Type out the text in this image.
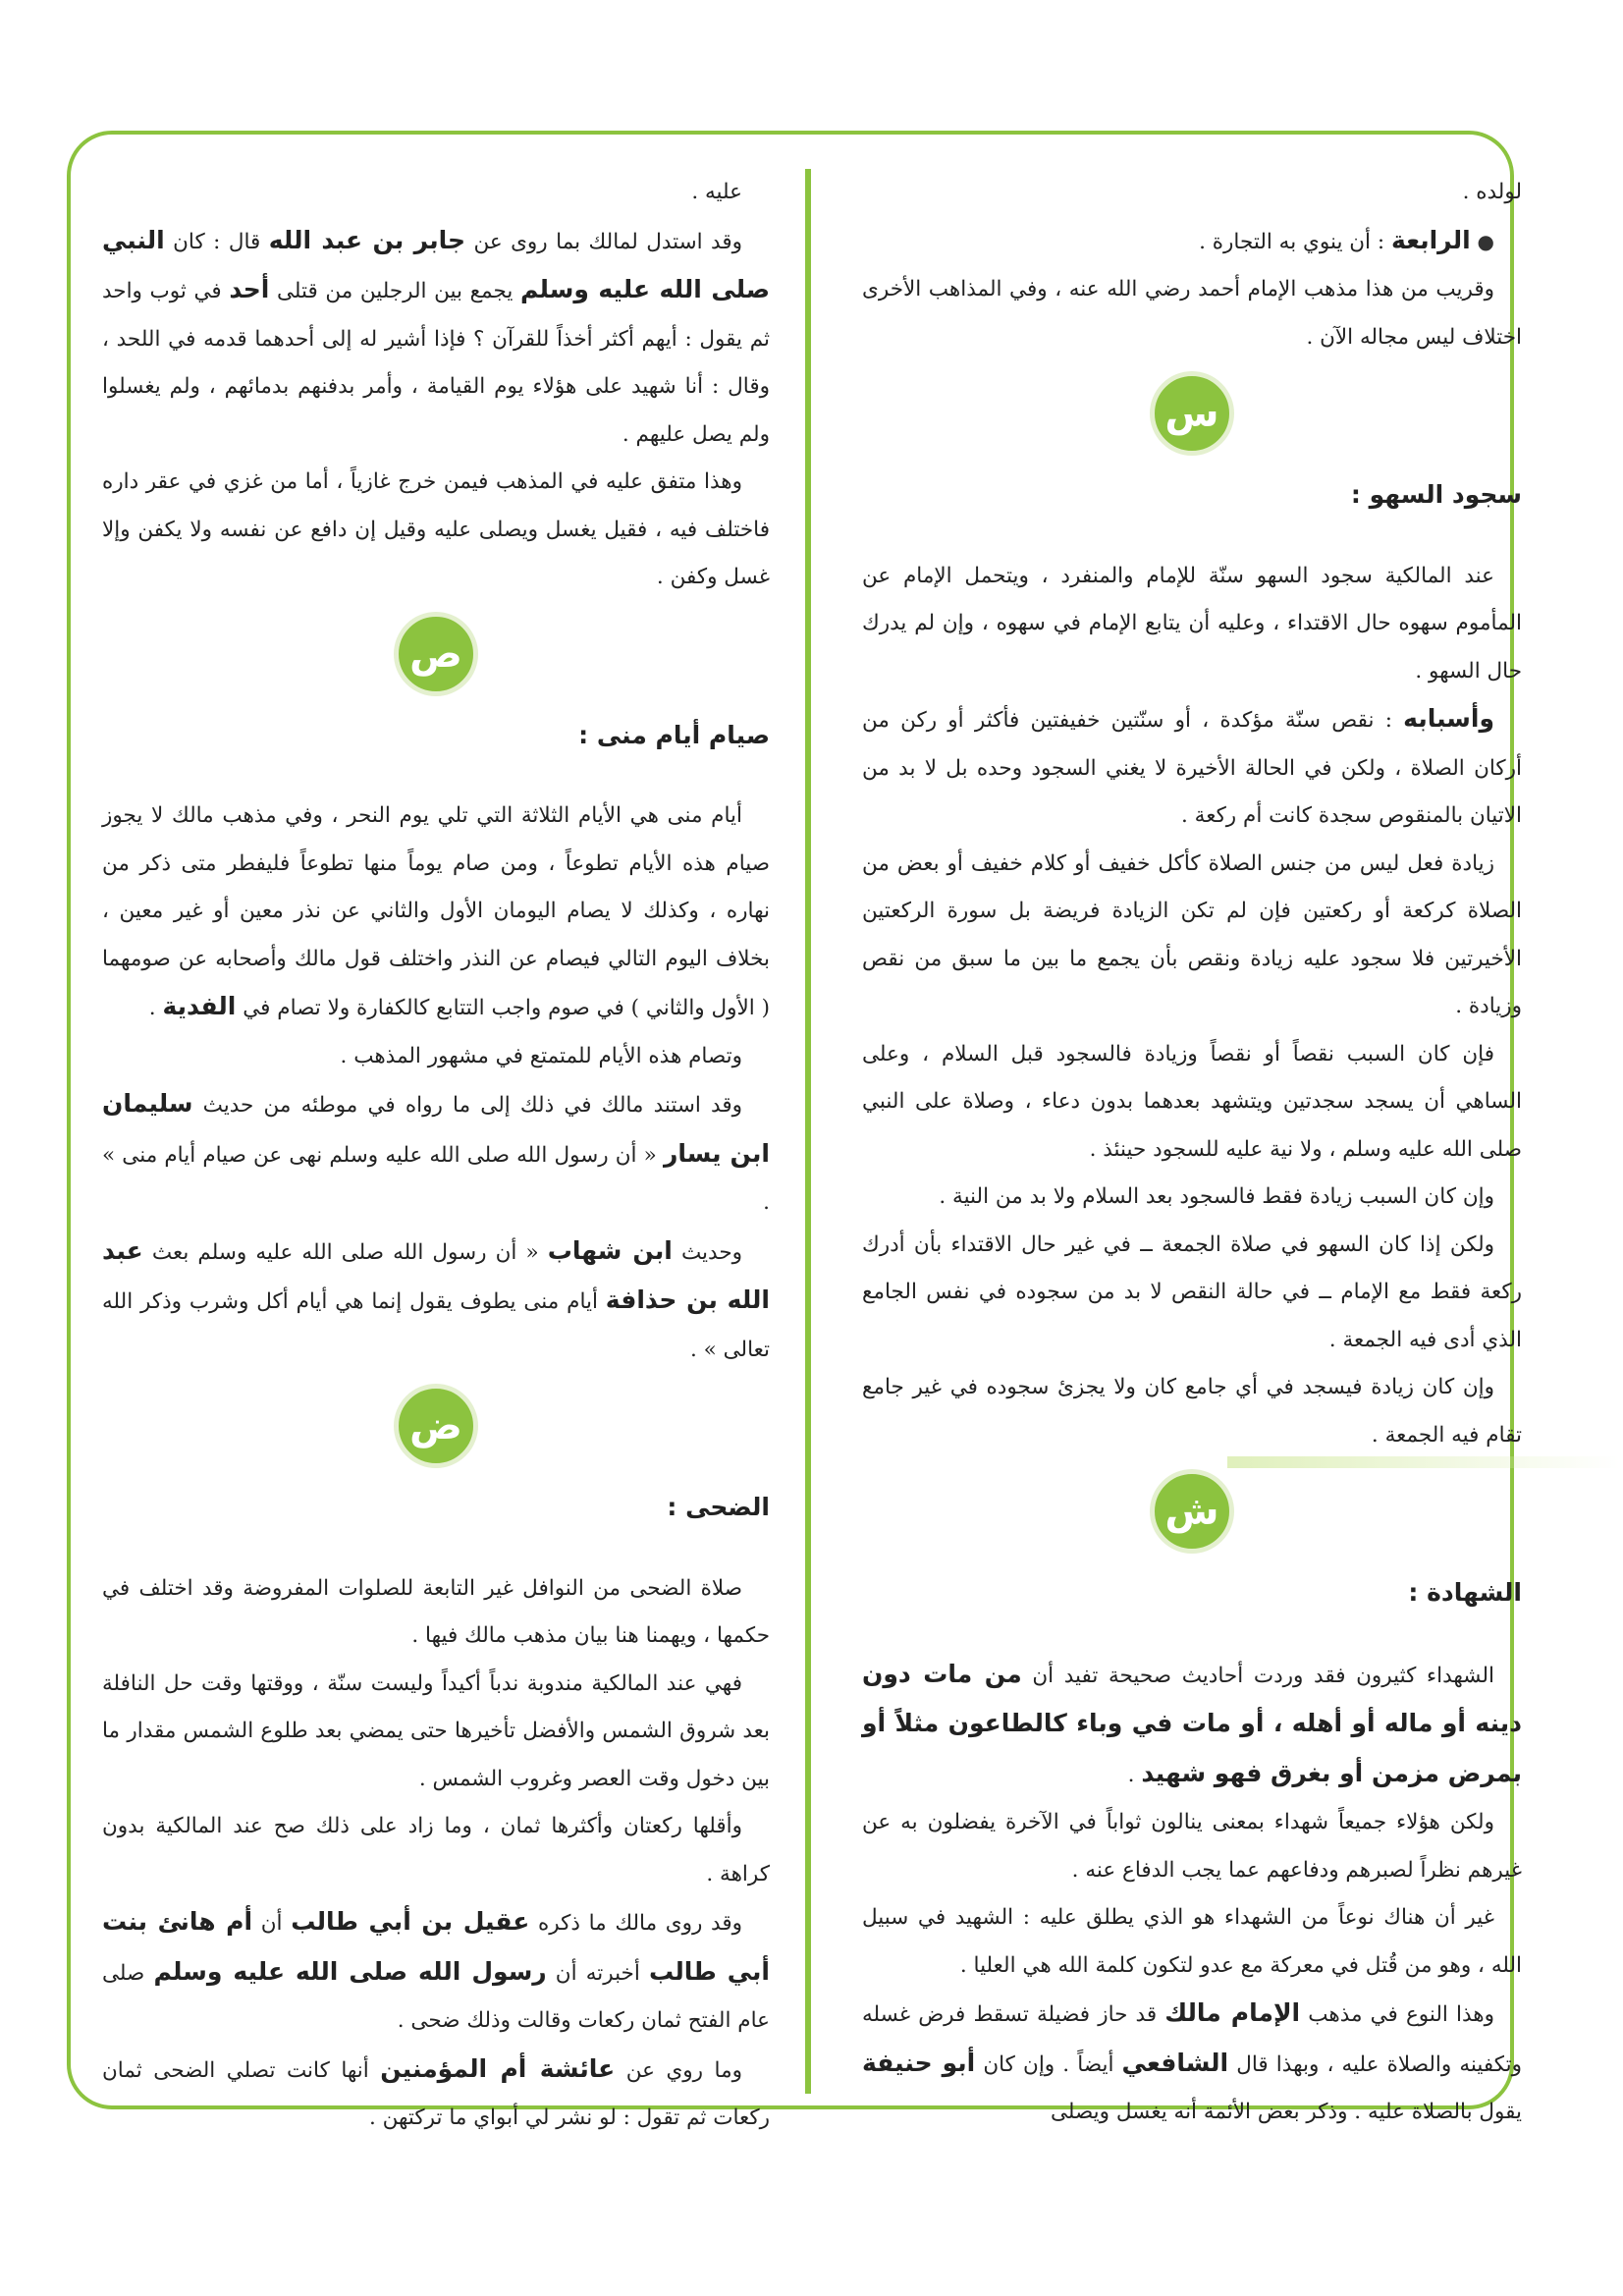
لولده .

● الرابعة : أن ينوي به التجارة .

وقريب من هذا مذهب الإمام أحمد رضي الله عنه ، وفي المذاهب الأخرى اختلاف ليس مجاله الآن .

س

سجود السهو :

عند المالكية سجود السهو سنّة للإمام والمنفرد ، ويتحمل الإمام عن المأموم سهوه حال الاقتداء ، وعليه أن يتابع الإمام في سهوه ، وإن لم يدرك حال السهو .

وأسبابه : نقص سنّة مؤكدة ، أو سنّتين خفيفتين فأكثر أو ركن من أركان الصلاة ، ولكن في الحالة الأخيرة لا يغني السجود وحده بل لا بد من الاتيان بالمنقوص سجدة كانت أم ركعة .

زيادة فعل ليس من جنس الصلاة كأكل خفيف أو كلام خفيف أو بعض من الصلاة كركعة أو ركعتين فإن لم تكن الزيادة فريضة بل سورة الركعتين الأخيرتين فلا سجود عليه زيادة ونقص بأن يجمع ما بين ما سبق من نقص وزيادة .

فإن كان السبب نقصاً أو نقصاً وزيادة فالسجود قبل السلام ، وعلى الساهي أن يسجد سجدتين ويتشهد بعدهما بدون دعاء ، وصلاة على النبي صلى الله عليه وسلم ، ولا نية عليه للسجود حينئذ .

وإن كان السبب زيادة فقط فالسجود بعد السلام ولا بد من النية .

ولكن إذا كان السهو في صلاة الجمعة ــ في غير حال الاقتداء بأن أدرك ركعة فقط مع الإمام ــ في حالة النقص لا بد من سجوده في نفس الجامع الذي أدى فيه الجمعة .

وإن كان زيادة فيسجد في أي جامع كان ولا يجزئ سجوده في غير جامع تقام فيه الجمعة .

ش

الشهادة :

الشهداء كثيرون فقد وردت أحاديث صحيحة تفيد أن من مات دون دينه أو ماله أو أهله ، أو مات في وباء كالطاعون مثلاً أو بمرض مزمن أو بغرق فهو شهيد .

ولكن هؤلاء جميعاً شهداء بمعنى ينالون ثواباً في الآخرة يفضلون به عن غيرهم نظراً لصبرهم ودفاعهم عما يجب الدفاع عنه .

غير أن هناك نوعاً من الشهداء هو الذي يطلق عليه : الشهيد في سبيل الله ، وهو من قُتل في معركة مع عدو لتكون كلمة الله هي العليا .

وهذا النوع في مذهب الإمام مالك قد حاز فضيلة تسقط فرض غسله وتكفينه والصلاة عليه ، وبهذا قال الشافعي أيضاً . وإن كان أبو حنيفة يقول بالصلاة عليه . وذكر بعض الأئمة أنه يغسل ويصلى

عليه .

وقد استدل لمالك بما روى عن جابر بن عبد الله قال : كان النبي صلى الله عليه وسلم يجمع بين الرجلين من قتلى أحد في ثوب واحد ثم يقول : أيهم أكثر أخذاً للقرآن ؟ فإذا أشير له إلى أحدهما قدمه في اللحد ، وقال : أنا شهيد على هؤلاء يوم القيامة ، وأمر بدفنهم بدمائهم ، ولم يغسلوا ولم يصل عليهم .

وهذا متفق عليه في المذهب فيمن خرج غازياً ، أما من غزي في عقر داره فاختلف فيه ، فقيل يغسل ويصلى عليه وقيل إن دافع عن نفسه ولا يكفن وإلا غسل وكفن .

ص

صيام أيام منى :

أيام منى هي الأيام الثلاثة التي تلي يوم النحر ، وفي مذهب مالك لا يجوز صيام هذه الأيام تطوعاً ، ومن صام يوماً منها تطوعاً فليفطر متى ذكر من نهاره ، وكذلك لا يصام اليومان الأول والثاني عن نذر معين أو غير معين ، بخلاف اليوم التالي فيصام عن النذر واختلف قول مالك وأصحابه عن صومهما ( الأول والثاني ) في صوم واجب التتابع كالكفارة ولا تصام في الفدية .

وتصام هذه الأيام للمتمتع في مشهور المذهب .

وقد استند مالك في ذلك إلى ما رواه في موطئه من حديث سليمان ابن يسار « أن رسول الله صلى الله عليه وسلم نهى عن صيام أيام منى » .

وحديث ابن شهاب « أن رسول الله صلى الله عليه وسلم بعث عبد الله بن حذافة أيام منى يطوف يقول إنما هي أيام أكل وشرب وذكر الله تعالى » .

ض

الضحى :

صلاة الضحى من النوافل غير التابعة للصلوات المفروضة وقد اختلف في حكمها ، ويهمنا هنا بيان مذهب مالك فيها .

فهي عند المالكية مندوبة ندباً أكيداً وليست سنّة ، ووقتها وقت حل النافلة بعد شروق الشمس والأفضل تأخيرها حتى يمضي بعد طلوع الشمس مقدار ما بين دخول وقت العصر وغروب الشمس .

وأقلها ركعتان وأكثرها ثمان ، وما زاد على ذلك صح عند المالكية بدون كراهة .

وقد روى مالك ما ذكره عقيل بن أبي طالب أن أم هانئ بنت أبي طالب أخبرته أن رسول الله صلى الله عليه وسلم صلى عام الفتح ثمان ركعات وقالت وذلك ضحى .

وما روي عن عائشة أم المؤمنين أنها كانت تصلي الضحى ثمان ركعات ثم تقول : لو نشر لي أبواي ما تركتهن .
